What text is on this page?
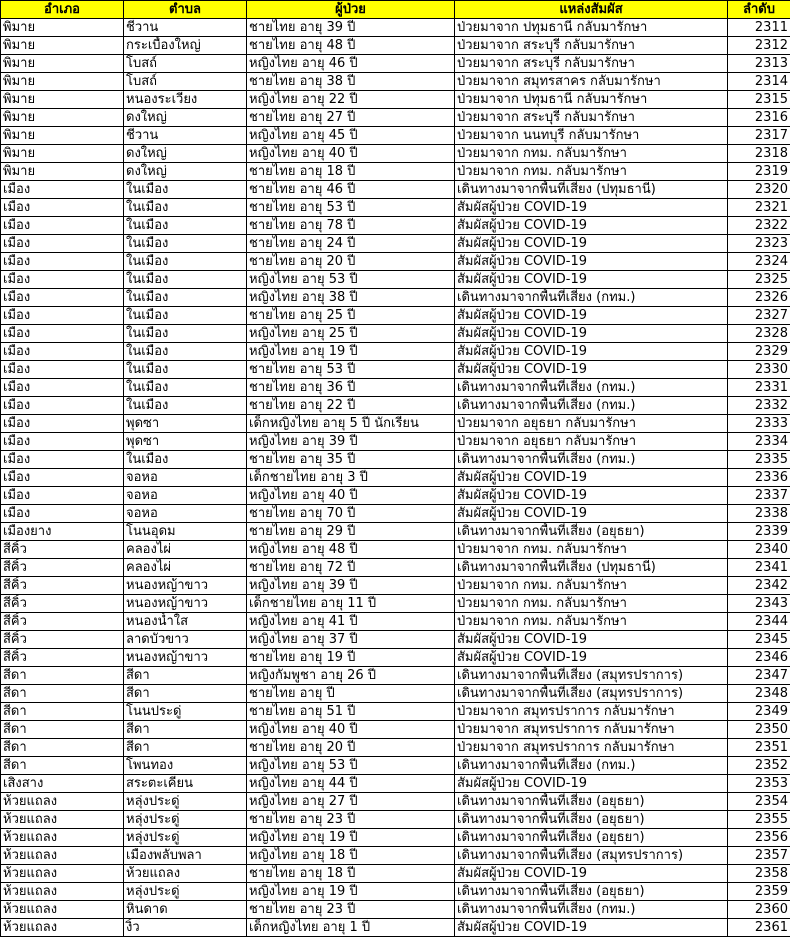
อำเภอ	ตำบล	ผู้ป่วย	แหล่งสัมผัส	ลำดับ
พิมาย	ชีวาน	ชายไทย อายุ 39 ปี	ป่วยมาจาก ปทุมธานี กลับมารักษา	2311
พิมาย	กระเบื้องใหญ่	ชายไทย อายุ 48 ปี	ป่วยมาจาก สระบุรี กลับมารักษา	2312
พิมาย	โบสถ์	หญิงไทย อายุ 46 ปี	ป่วยมาจาก สระบุรี กลับมารักษา	2313
พิมาย	โบสถ์	ชายไทย อายุ 38 ปี	ป่วยมาจาก สมุทรสาคร กลับมารักษา	2314
พิมาย	หนองระเวียง	หญิงไทย อายุ 22 ปี	ป่วยมาจาก ปทุมธานี กลับมารักษา	2315
พิมาย	ดงใหญ่	ชายไทย อายุ 27 ปี	ป่วยมาจาก สระบุรี กลับมารักษา	2316
พิมาย	ชีวาน	หญิงไทย อายุ 45 ปี	ป่วยมาจาก นนทบุรี กลับมารักษา	2317
พิมาย	ดงใหญ่	หญิงไทย อายุ 40 ปี	ป่วยมาจาก กทม. กลับมารักษา	2318
พิมาย	ดงใหญ่	ชายไทย อายุ 18 ปี	ป่วยมาจาก กทม. กลับมารักษา	2319
เมือง	ในเมือง	ชายไทย อายุ 46 ปี	เดินทางมาจากพื้นที่เสี่ยง (ปทุมธานี)	2320
เมือง	ในเมือง	ชายไทย อายุ 53 ปี	สัมผัสผู้ป่วย COVID-19	2321
เมือง	ในเมือง	ชายไทย อายุ 78 ปี	สัมผัสผู้ป่วย COVID-19	2322
เมือง	ในเมือง	ชายไทย อายุ 24 ปี	สัมผัสผู้ป่วย COVID-19	2323
เมือง	ในเมือง	ชายไทย อายุ 20 ปี	สัมผัสผู้ป่วย COVID-19	2324
เมือง	ในเมือง	หญิงไทย อายุ 53 ปี	สัมผัสผู้ป่วย COVID-19	2325
เมือง	ในเมือง	หญิงไทย อายุ 38 ปี	เดินทางมาจากพื้นที่เสี่ยง (กทม.)	2326
เมือง	ในเมือง	ชายไทย อายุ 25 ปี	สัมผัสผู้ป่วย COVID-19	2327
เมือง	ในเมือง	หญิงไทย อายุ 25 ปี	สัมผัสผู้ป่วย COVID-19	2328
เมือง	ในเมือง	หญิงไทย อายุ 19 ปี	สัมผัสผู้ป่วย COVID-19	2329
เมือง	ในเมือง	ชายไทย อายุ 53 ปี	สัมผัสผู้ป่วย COVID-19	2330
เมือง	ในเมือง	ชายไทย อายุ 36 ปี	เดินทางมาจากพื้นที่เสี่ยง (กทม.)	2331
เมือง	ในเมือง	ชายไทย อายุ 22 ปี	เดินทางมาจากพื้นที่เสี่ยง (กทม.)	2332
เมือง	พุดซา	เด็กหญิงไทย อายุ 5 ปี นักเรียน	ป่วยมาจาก อยุธยา กลับมารักษา	2333
เมือง	พุดซา	หญิงไทย อายุ 39 ปี	ป่วยมาจาก อยุธยา กลับมารักษา	2334
เมือง	ในเมือง	ชายไทย อายุ 35 ปี	เดินทางมาจากพื้นที่เสี่ยง (กทม.)	2335
เมือง	จอหอ	เด็กชายไทย อายุ 3 ปี	สัมผัสผู้ป่วย COVID-19	2336
เมือง	จอหอ	หญิงไทย อายุ 40 ปี	สัมผัสผู้ป่วย COVID-19	2337
เมือง	จอหอ	ชายไทย อายุ 70 ปี	สัมผัสผู้ป่วย COVID-19	2338
เมืองยาง	โนนอุดม	ชายไทย อายุ 29 ปี	เดินทางมาจากพื้นที่เสี่ยง (อยุธยา)	2339
สีคิ้ว	คลองไผ่	หญิงไทย อายุ 48 ปี	ป่วยมาจาก กทม. กลับมารักษา	2340
สีคิ้ว	คลองไผ่	ชายไทย อายุ 72 ปี	เดินทางมาจากพื้นที่เสี่ยง (ปทุมธานี)	2341
สีคิ้ว	หนองหญ้าขาว	หญิงไทย อายุ 39 ปี	ป่วยมาจาก กทม. กลับมารักษา	2342
สีคิ้ว	หนองหญ้าขาว	เด็กชายไทย อายุ 11 ปี	ป่วยมาจาก กทม. กลับมารักษา	2343
สีคิ้ว	หนองน้ำใส	หญิงไทย อายุ 41 ปี	ป่วยมาจาก กทม. กลับมารักษา	2344
สีคิ้ว	ลาดบัวขาว	หญิงไทย อายุ 37 ปี	สัมผัสผู้ป่วย COVID-19	2345
สีคิ้ว	หนองหญ้าขาว	ชายไทย อายุ 19 ปี	สัมผัสผู้ป่วย COVID-19	2346
สีดา	สีดา	หญิงกัมพูชา อายุ 26 ปี	เดินทางมาจากพื้นที่เสี่ยง (สมุทรปราการ)	2347
สีดา	สีดา	ชายไทย อายุ ปี	เดินทางมาจากพื้นที่เสี่ยง (สมุทรปราการ)	2348
สีดา	โนนประดู่	ชายไทย อายุ 51 ปี	ป่วยมาจาก สมุทรปราการ กลับมารักษา	2349
สีดา	สีดา	หญิงไทย อายุ 40 ปี	ป่วยมาจาก สมุทรปราการ กลับมารักษา	2350
สีดา	สีดา	ชายไทย อายุ 20 ปี	ป่วยมาจาก สมุทรปราการ กลับมารักษา	2351
สีดา	โพนทอง	หญิงไทย อายุ 53 ปี	เดินทางมาจากพื้นที่เสี่ยง (กทม.)	2352
เสิงสาง	สระตะเคียน	หญิงไทย อายุ 44 ปี	สัมผัสผู้ป่วย COVID-19	2353
ห้วยแถลง	หลุ่งประดู่	หญิงไทย อายุ 27 ปี	เดินทางมาจากพื้นที่เสี่ยง (อยุธยา)	2354
ห้วยแถลง	หลุ่งประดู่	ชายไทย อายุ 23 ปี	เดินทางมาจากพื้นที่เสี่ยง (อยุธยา)	2355
ห้วยแถลง	หลุ่งประดู่	หญิงไทย อายุ 19 ปี	เดินทางมาจากพื้นที่เสี่ยง (อยุธยา)	2356
ห้วยแถลง	เมืองพลับพลา	หญิงไทย อายุ 18 ปี	เดินทางมาจากพื้นที่เสี่ยง (สมุทรปราการ)	2357
ห้วยแถลง	ห้วยแถลง	ชายไทย อายุ 18 ปี	สัมผัสผู้ป่วย COVID-19	2358
ห้วยแถลง	หลุ่งประดู่	หญิงไทย อายุ 19 ปี	เดินทางมาจากพื้นที่เสี่ยง (อยุธยา)	2359
ห้วยแถลง	หินดาด	ชายไทย อายุ 23 ปี	เดินทางมาจากพื้นที่เสี่ยง (กทม.)	2360
ห้วยแถลง	งิ้ว	เด็กหญิงไทย อายุ 1 ปี	สัมผัสผู้ป่วย COVID-19	2361
